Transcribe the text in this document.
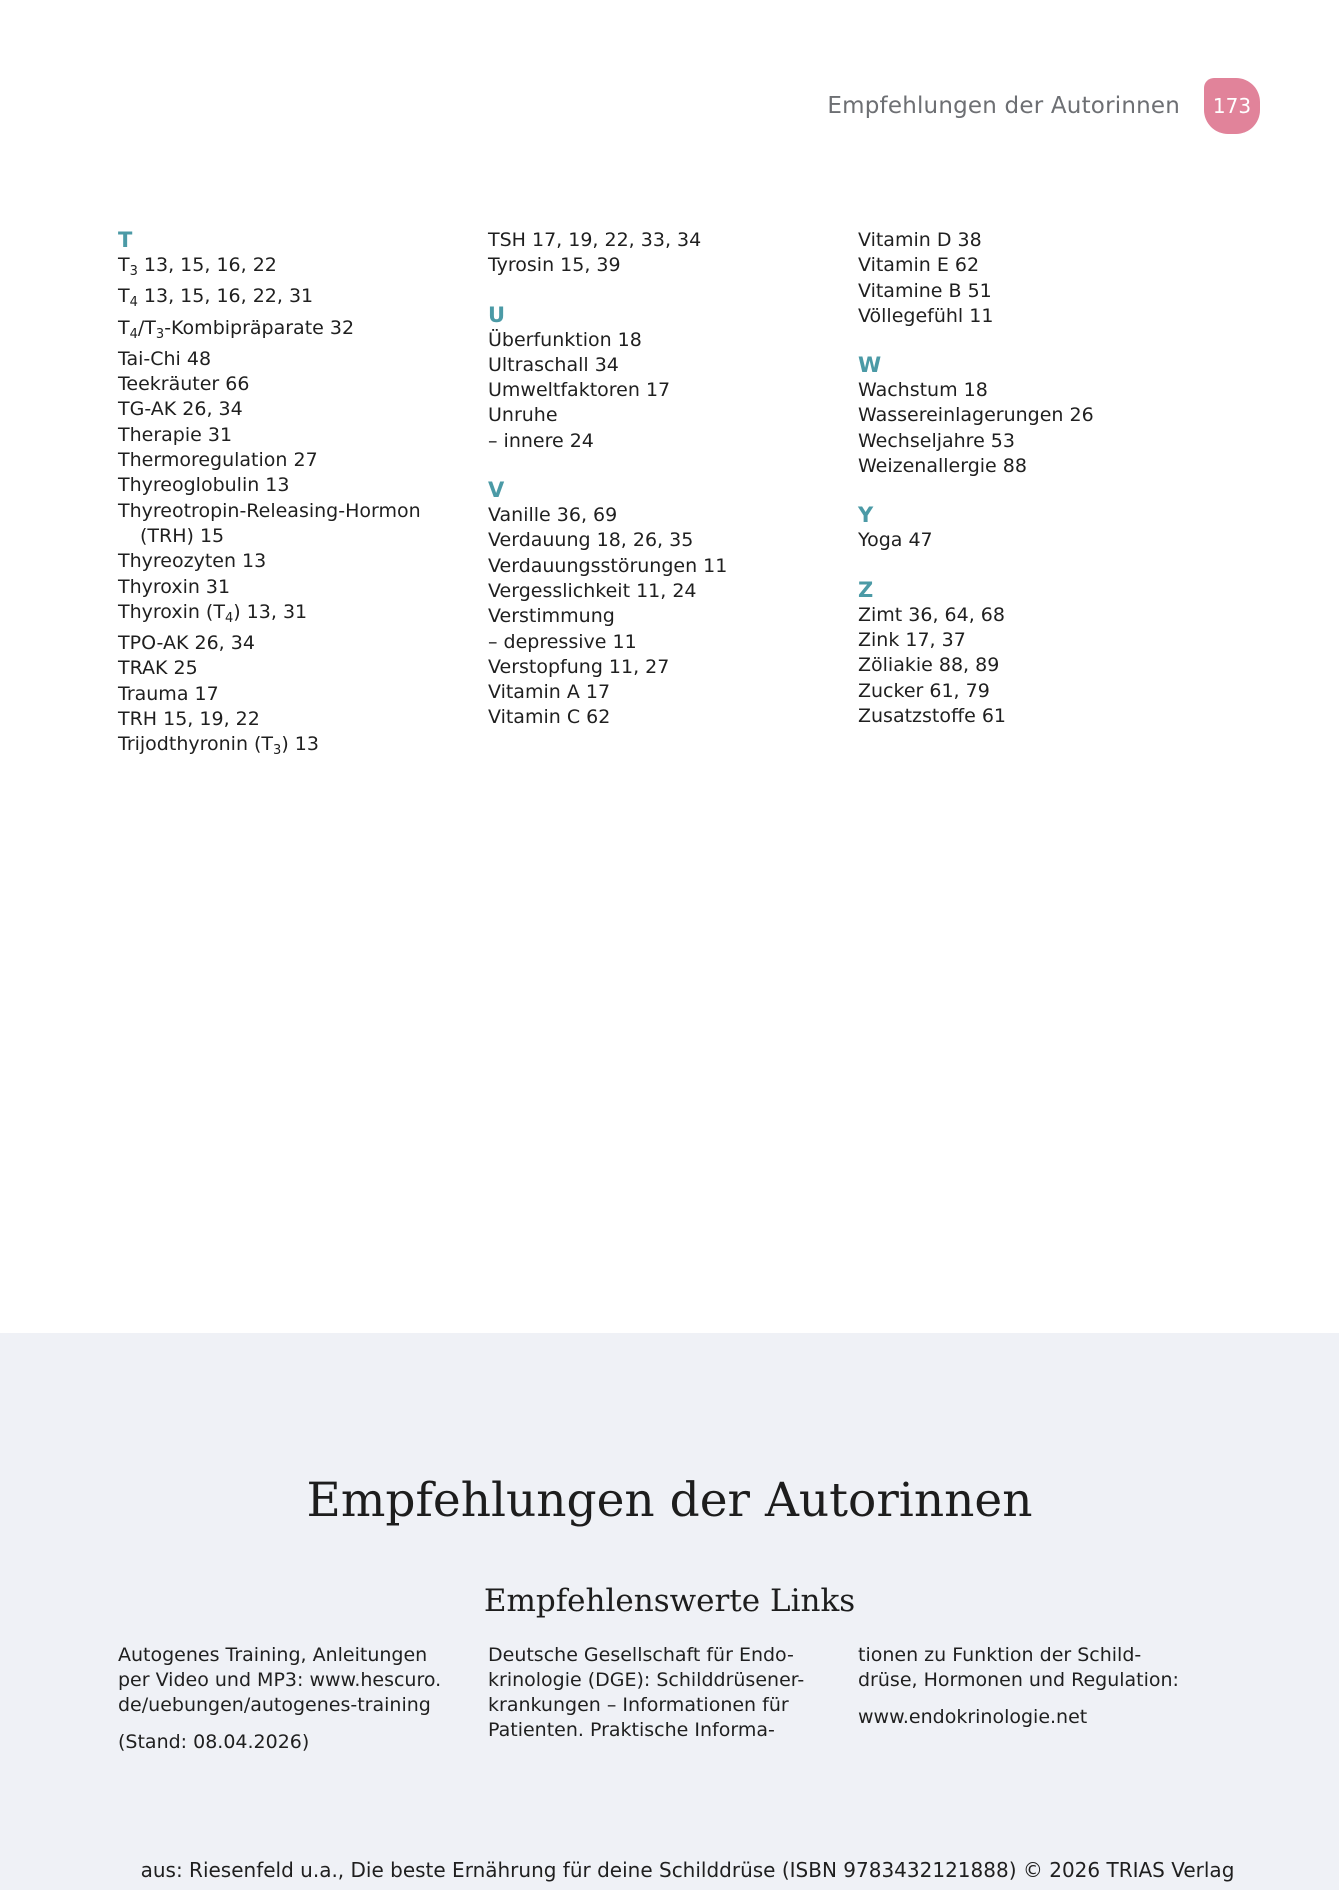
Empfehlungen der Autorinnen	173
T
$T_3$ 13, 15, 16, 22
$T_4$ 13, 15, 16, 22, 31
$T_4/T_3$-Kombipräparate 32
Tai-Chi 48
Teekräuter 66
TG-AK 26, 34
Therapie 31
Thermoregulation 27
Thyreoglobulin 13
Thyreotropin-Releasing-Hormon
(TRH) 15
Thyreozyten 13
Thyroxin 31
Thyroxin $(T_4)$ 13, 31
TPO-AK 26, 34
TRAK 25
Trauma 17
TRH 15, 19, 22
Trijodthyronin $(T_3)$ 13
TSH 17, 19, 22, 33, 34
Tyrosin 15, 39
U
Überfunktion 18
Ultraschall 34
Umweltfaktoren 17
Unruhe
– innere 24
V
Vanille 36, 69
Verdauung 18, 26, 35
Verdauungsstörungen 11
Vergesslichkeit 11, 24
Verstimmung
– depressive 11
Verstopfung 11, 27
Vitamin A 17
Vitamin C 62
Vitamin D 38
Vitamin E 62
Vitamine B 51
Völlegefühl 11
W
Wachstum 18
Wassereinlagerungen 26
Wechseljahre 53
Weizenallergie 88
Y
Yoga 47
Z
Zimt 36, 64, 68
Zink 17, 37
Zöliakie 88, 89
Zucker 61, 79
Zusatzstoffe 61
Empfehlungen der Autorinnen
Empfehlenswerte Links

Autogenes Training, Anleitungen
per Video und MP3: www.hescuro.
de/uebungen/autogenes-training

(Stand: 08.04.2026)

Deutsche Gesellschaft für Endo-
krinologie (DGE): Schilddrüsener-
krankungen – Informationen für
Patienten. Praktische Informa-

tionen zu Funktion der Schild-
drüse, Hormonen und Regulation:

www.endokrinologie.net

aus: Riesenfeld u.a., Die beste Ernährung für deine Schilddrüse (ISBN 9783432121888) © 2026 TRIAS Verlag
